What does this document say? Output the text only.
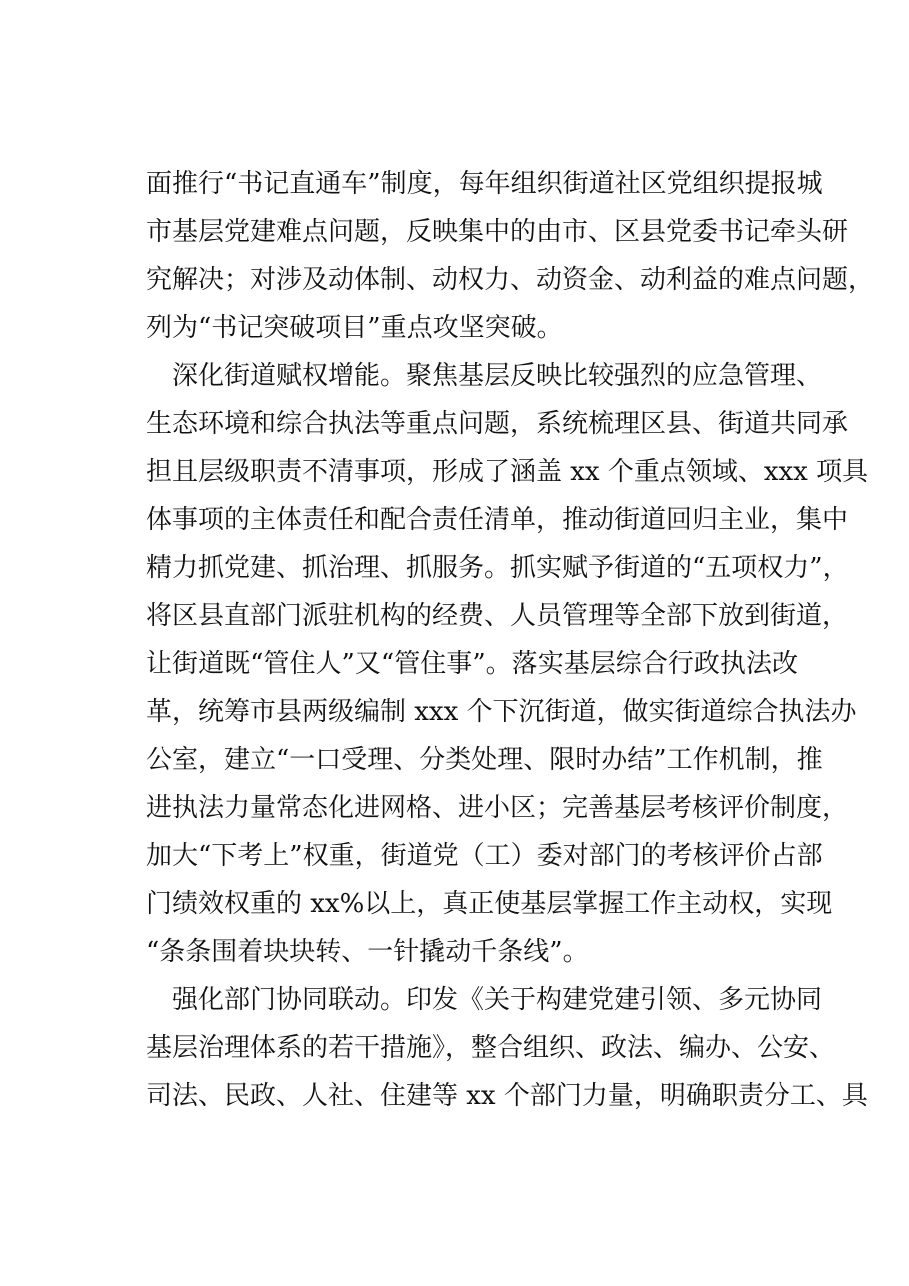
面推行“书记直通车”制度，每年组织街道社区党组织提报城
市基层党建难点问题，反映集中的由市、区县党委书记牵头研
究解决；对涉及动体制、动权力、动资金、动利益的难点问题，
列为“书记突破项目”重点攻坚突破。
深化街道赋权增能。聚焦基层反映比较强烈的应急管理、
生态环境和综合执法等重点问题，系统梳理区县、街道共同承
担且层级职责不清事项，形成了涵盖 xx 个重点领域、xxx 项具
体事项的主体责任和配合责任清单，推动街道回归主业，集中
精力抓党建、抓治理、抓服务。抓实赋予街道的“五项权力”，
将区县直部门派驻机构的经费、人员管理等全部下放到街道，
让街道既“管住人”又“管住事”。落实基层综合行政执法改
革，统筹市县两级编制 xxx 个下沉街道，做实街道综合执法办
公室，建立“一口受理、分类处理、限时办结”工作机制，推
进执法力量常态化进网格、进小区；完善基层考核评价制度，
加大“下考上”权重，街道党（工）委对部门的考核评价占部
门绩效权重的 xx%以上，真正使基层掌握工作主动权，实现
“条条围着块块转、一针撬动千条线”。
强化部门协同联动。印发《关于构建党建引领、多元协同
基层治理体系的若干措施》，整合组织、政法、编办、公安、
司法、民政、人社、住建等 xx 个部门力量，明确职责分工、具
